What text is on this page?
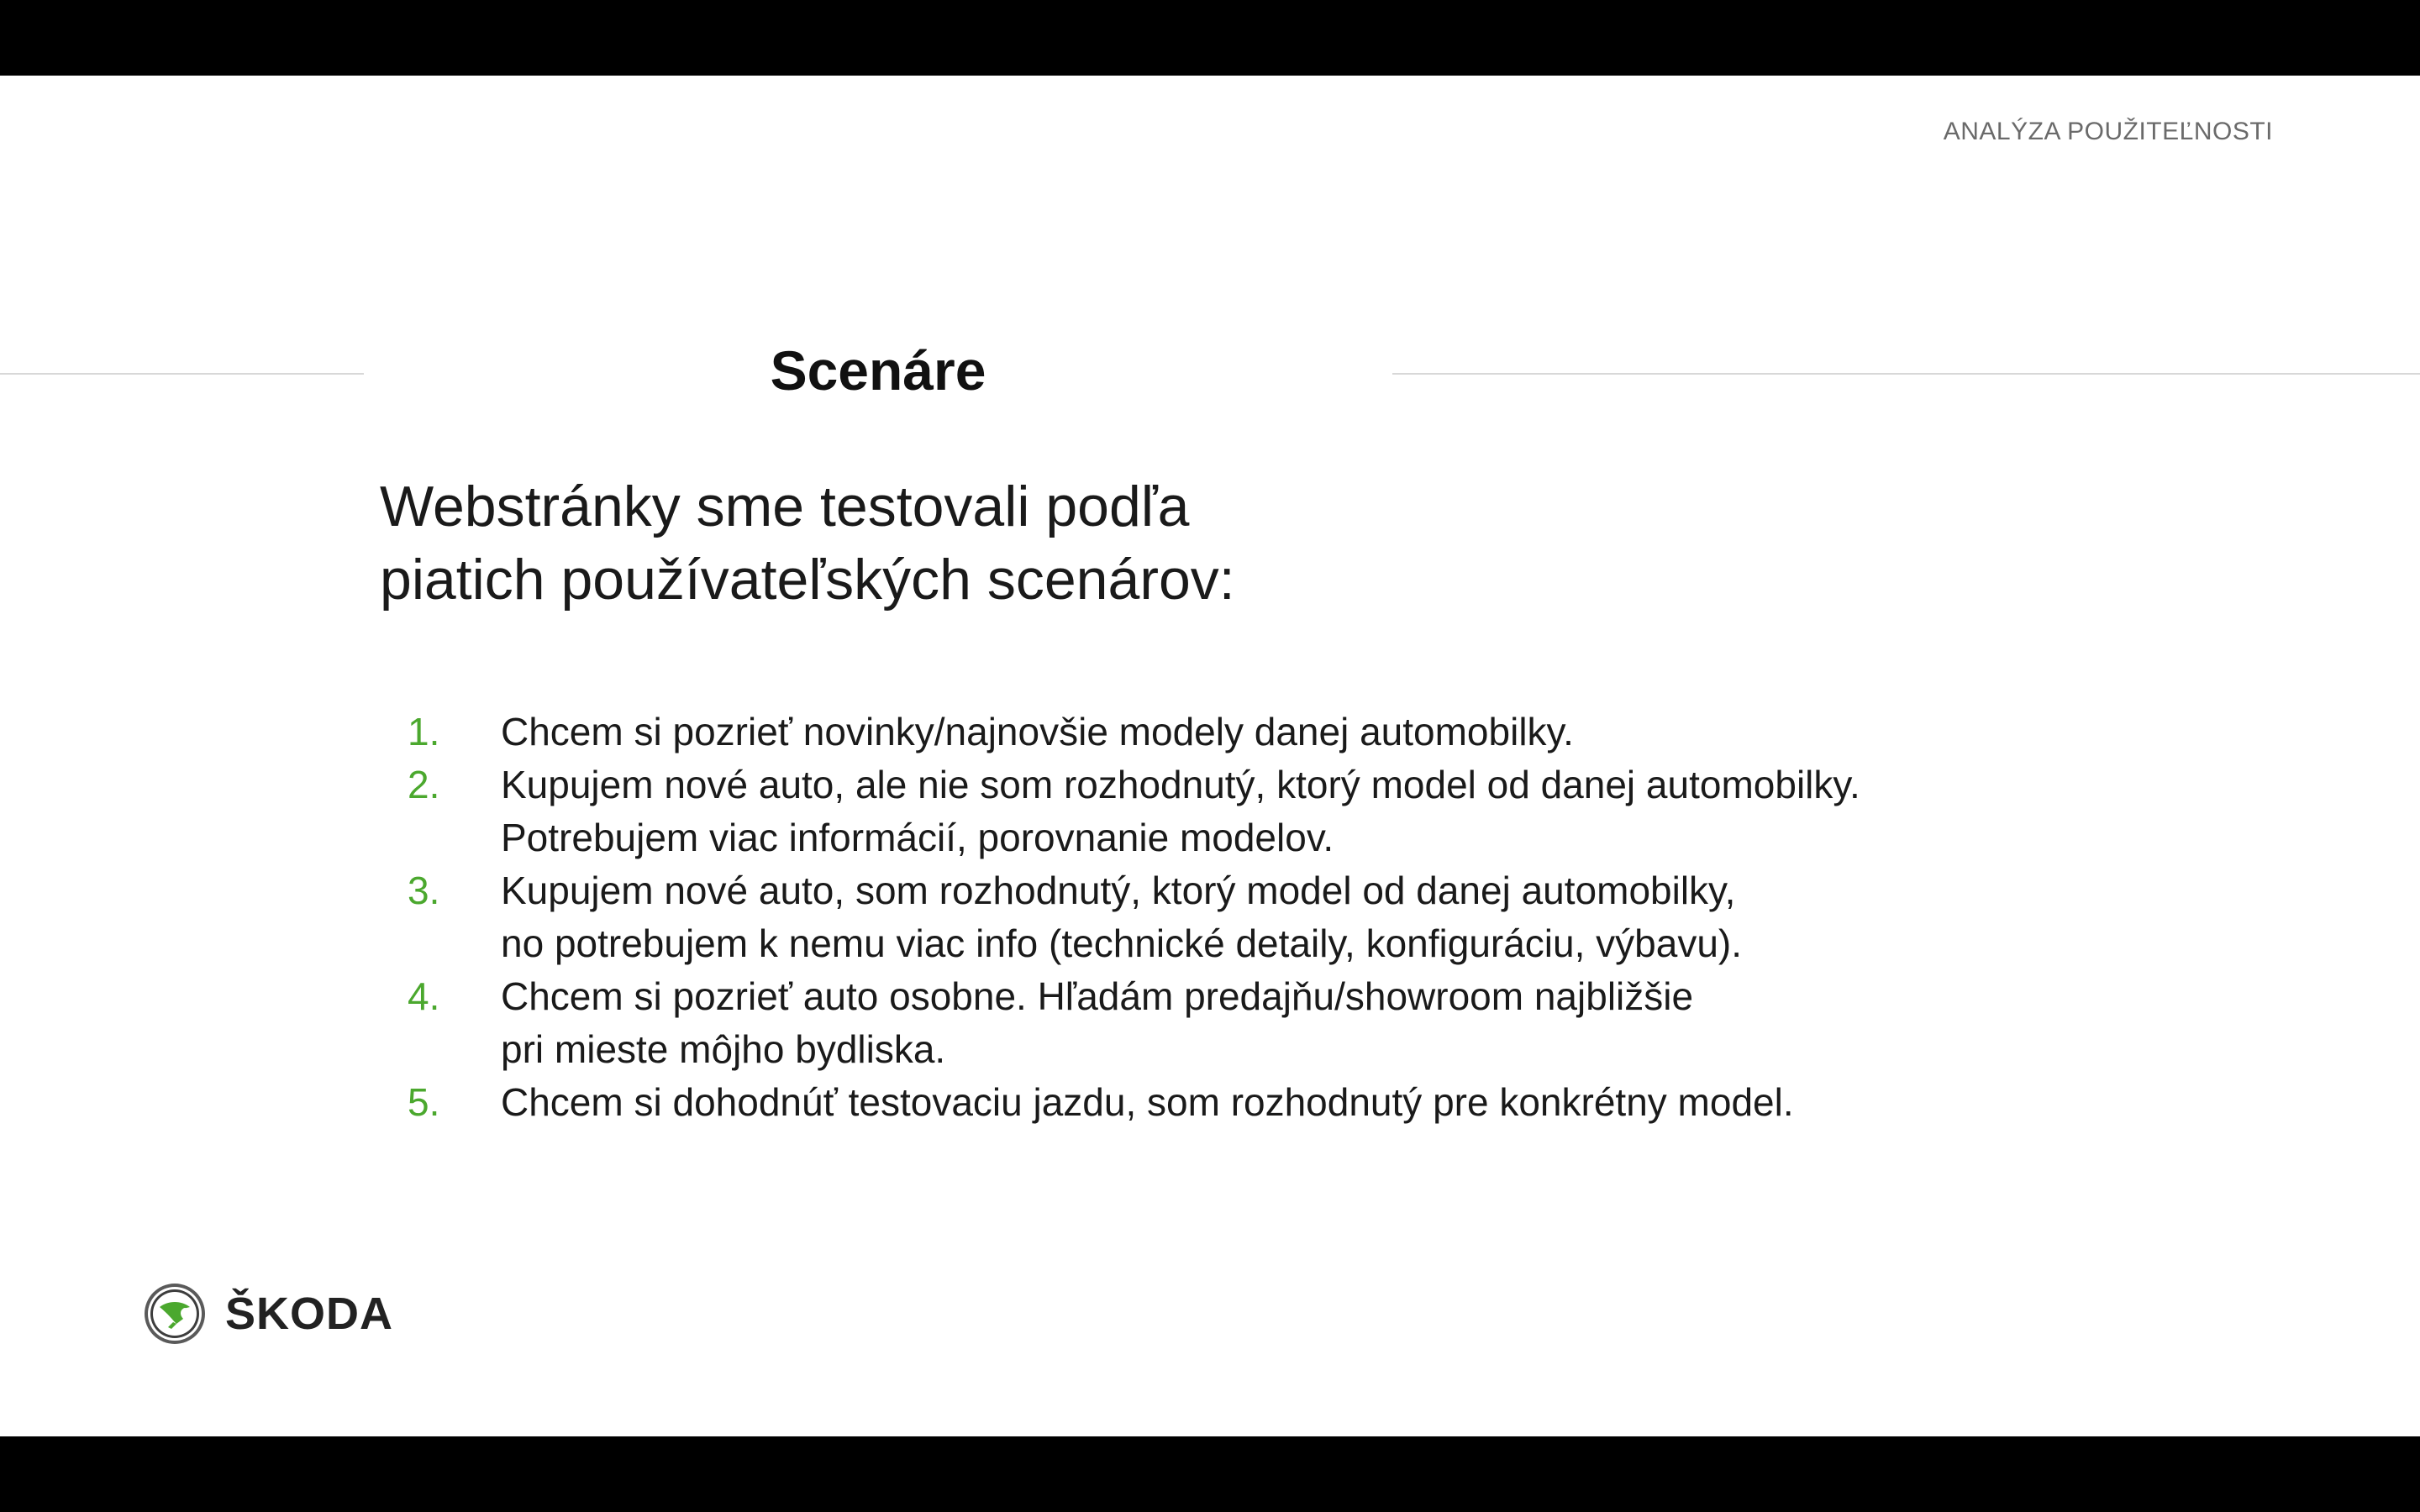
ANALÝZA POUŽITEĽNOSTI
Scenáre
Webstránky sme testovali podľa
piatich používateľských scenárov:
1. Chcem si pozrieť novinky/najnovšie modely danej automobilky.
2. Kupujem nové auto, ale nie som rozhodnutý, ktorý model od danej automobilky.
Potrebujem viac informácií, porovnanie modelov.
3. Kupujem nové auto, som rozhodnutý, ktorý model od danej automobilky,
no potrebujem k nemu viac info (technické detaily, konfiguráciu, výbavu).
4. Chcem si pozrieť auto osobne. Hľadám predajňu/showroom najbližšie
pri mieste môjho bydliska.
5. Chcem si dohodnúť testovaciu jazdu, som rozhodnutý pre konkrétny model.
ŠKODA
